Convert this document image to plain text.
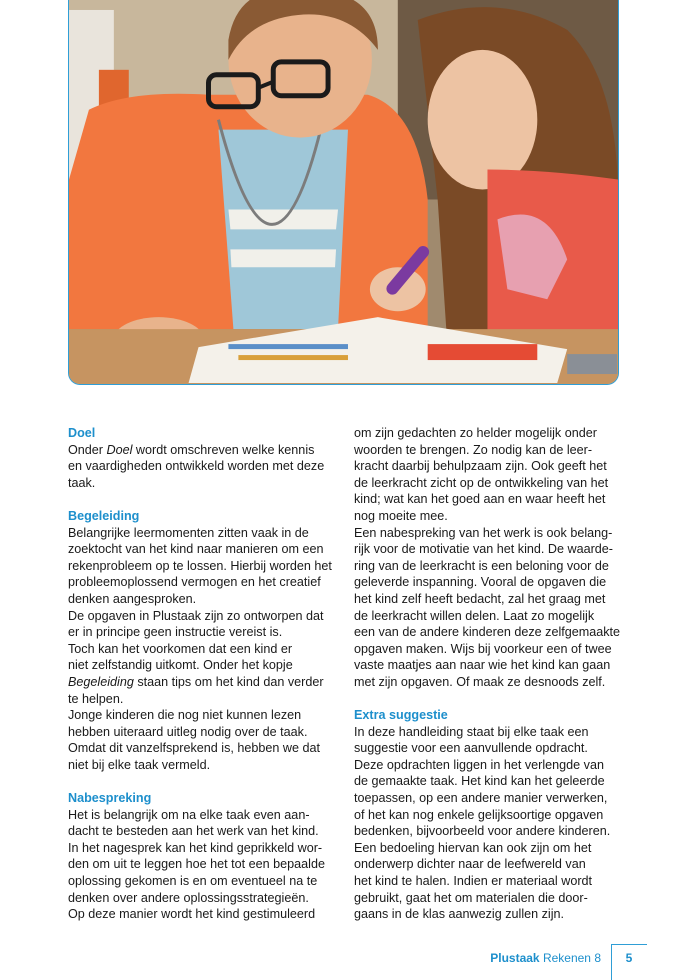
Doel

Onder Doel wordt omschreven welke kennis

en vaardigheden ontwikkeld worden met deze

taak.

Begeleiding

Belangrijke leermomenten zitten vaak in de

zoektocht van het kind naar manieren om een

rekenprobleem op te lossen. Hierbij worden het

probleemoplossend vermogen en het creatief

denken aangesproken.

De opgaven in Plustaak zijn zo ontworpen dat

er in principe geen instructie vereist is.

Toch kan het voorkomen dat een kind er

niet zelfstandig uitkomt. Onder het kopje

Begeleiding staan tips om het kind dan verder

te helpen.

Jonge kinderen die nog niet kunnen lezen

hebben uiteraard uitleg nodig over de taak.

Omdat dit vanzelfsprekend is, hebben we dat

niet bij elke taak vermeld.

Nabespreking

Het is belangrijk om na elke taak even aan-

dacht te besteden aan het werk van het kind.

In het nagesprek kan het kind geprikkeld wor-

den om uit te leggen hoe het tot een bepaalde

oplossing gekomen is en om eventueel na te

denken over andere oplossingsstrategieën.

Op deze manier wordt het kind gestimuleerd

om zijn gedachten zo helder mogelijk onder

woorden te brengen. Zo nodig kan de leer-

kracht daarbij behulpzaam zijn. Ook geeft het

de leerkracht zicht op de ontwikkeling van het

kind; wat kan het goed aan en waar heeft het

nog moeite mee.

Een nabespreking van het werk is ook belang-

rijk voor de motivatie van het kind. De waarde-

ring van de leerkracht is een beloning voor de

geleverde inspanning. Vooral de opgaven die

het kind zelf heeft bedacht, zal het graag met

de leerkracht willen delen. Laat zo mogelijk

een van de andere kinderen deze zelfgemaakte

opgaven maken. Wijs bij voorkeur een of twee

vaste maatjes aan naar wie het kind kan gaan

met zijn opgaven. Of maak ze desnoods zelf.

Extra suggestie

In deze handleiding staat bij elke taak een

suggestie voor een aanvullende opdracht.

Deze opdrachten liggen in het verlengde van

de gemaakte taak. Het kind kan het geleerde

toepassen, op een andere manier verwerken,

of het kan nog enkele gelijksoortige opgaven

bedenken, bijvoorbeeld voor andere kinderen.

Een bedoeling hiervan kan ook zijn om het

onderwerp dichter naar de leefwereld van

het kind te halen. Indien er materiaal wordt

gebruikt, gaat het om materialen die door-

gaans in de klas aanwezig zullen zijn.

Plustaak Rekenen 8	5
